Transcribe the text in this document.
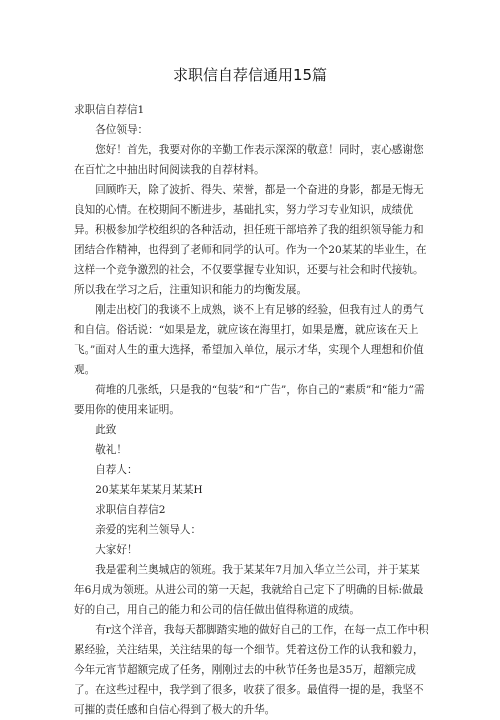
求职信自荐信通用15篇

求职信自荐信1

各位领导：

您好！首先，我要对你的辛勤工作表示深深的敬意！同时，衷心感谢您在百忙之中抽出时间阅读我的自荐材料。

回顾昨天，除了波折、得失、荣誉，都是一个奋进的身影，都是无悔无良知的心情。在校期间不断进步，基础扎实，努力学习专业知识，成绩优异。积极参加学校组织的各种活动，担任班干部培养了我的组织领导能力和团结合作精神，也得到了老师和同学的认可。作为一个20某某的毕业生，在这样一个竞争激烈的社会，不仅要掌握专业知识，还要与社会和时代接轨。所以我在学习之后，注重知识和能力的均衡发展。

刚走出校门的我谈不上成熟，谈不上有足够的经验，但我有过人的勇气和自信。俗话说：“如果是龙，就应该在海里打，如果是鹰，就应该在天上飞。”面对人生的重大选择，希望加入单位，展示才华，实现个人理想和价值观。

荷堆的几张纸，只是我的“包装”和“广告”，你自己的“素质”和“能力”需要用你的使用来证明。

此致

敬礼！

自荐人：

20某某年某某月某某H

求职信自荐信2

亲爱的宪利兰领导人：

大家好！

我是霍利兰奥城店的领班。我于某某年7月加入华立兰公司，并于某某年6月成为领班。从进公司的第一天起，我就给自己定下了明确的目标:做最好的自己，用自己的能力和公司的信任做出值得称道的成绩。

有r这个洋音，我每天都脚踏实地的做好自己的工作，在每一点工作中积累经验，关注结果，关注结果的每一个细节。凭着这份工作的认我和毅力，今年元宵节超额完成了任务，刚刚过去的中秋节任务也是35万，超额完成了。在这些过程中，我学到了很多，收获了很多。最值得一提的是，我坚不可摧的责任感和自信心得到了极大的升华。
